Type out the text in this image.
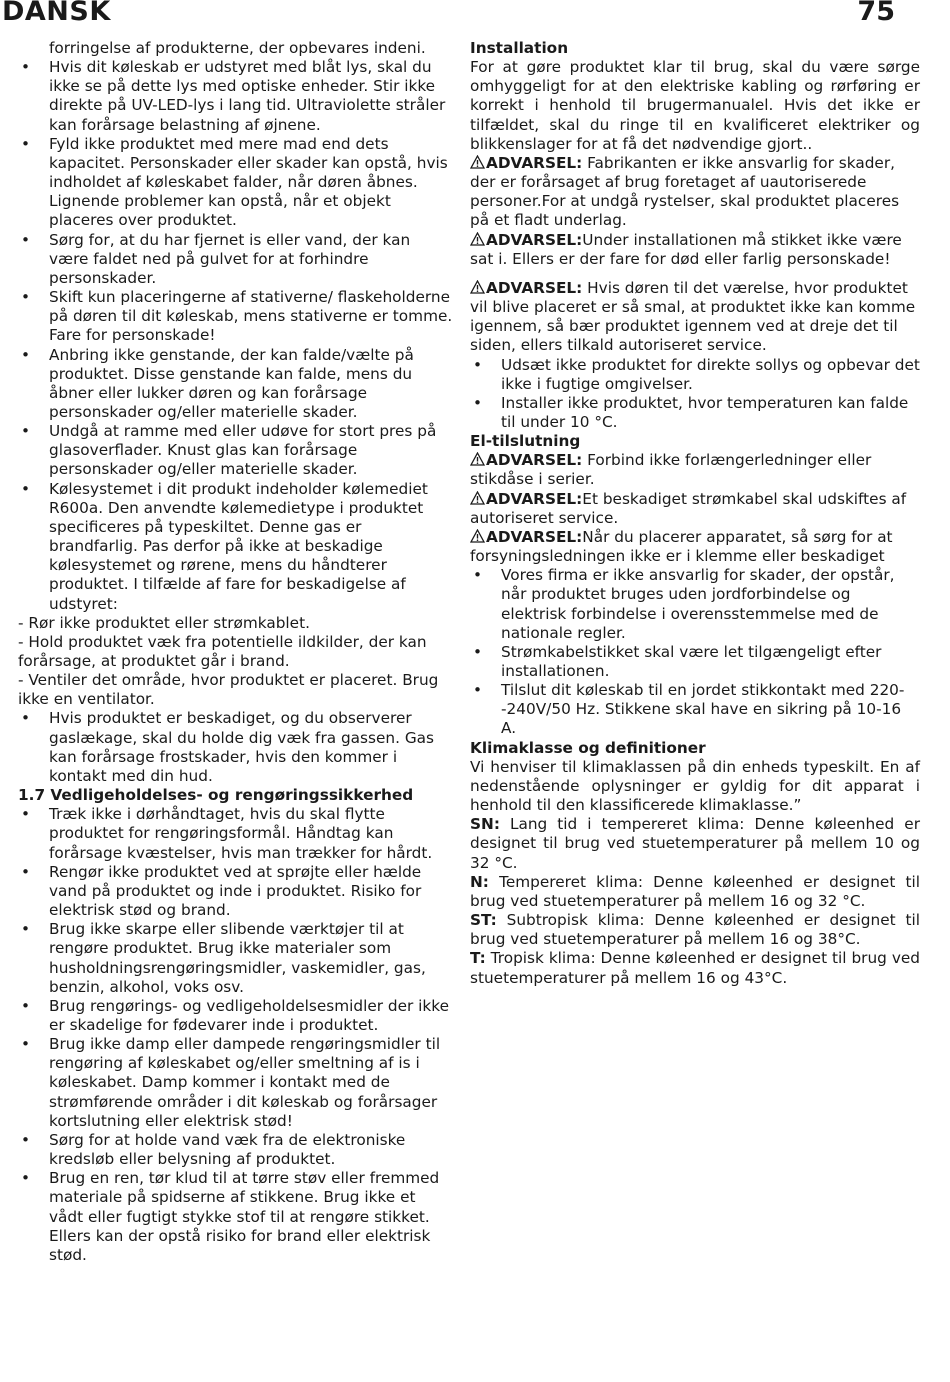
DANSK	75

forringelse af produkterne, der opbevares indeni.

• Hvis dit køleskab er udstyret med blåt lys, skal du ikke se på dette lys med optiske enheder. Stir ikke direkte på UV-LED-lys i lang tid. Ultraviolette stråler kan forårsage belastning af øjnene.

• Fyld ikke produktet med mere mad end dets kapacitet. Personskader eller skader kan opstå, hvis indholdet af køleskabet falder, når døren åbnes. Lignende problemer kan opstå, når et objekt placeres over produktet.

• Sørg for, at du har fjernet is eller vand, der kan være faldet ned på gulvet for at forhindre personskader.

• Skift kun placeringerne af stativerne/ flaskeholderne på døren til dit køleskab, mens stativerne er tomme. Fare for personskade!

• Anbring ikke genstande, der kan falde/vælte på produktet. Disse genstande kan falde, mens du åbner eller lukker døren og kan forårsage personskader og/eller materielle skader.

• Undgå at ramme med eller udøve for stort pres på glasoverflader. Knust glas kan forårsage personskader og/eller materielle skader.

• Kølesystemet i dit produkt indeholder kølemediet R600a. Den anvendte kølemedietype i produktet specificeres på typeskiltet. Denne gas er brandfarlig. Pas derfor på ikke at beskadige kølesystemet og rørene, mens du håndterer produktet. I tilfælde af fare for beskadigelse af udstyret:

- Rør ikke produktet eller strømkablet.

- Hold produktet væk fra potentielle ildkilder, der kan forårsage, at produktet går i brand.

- Ventiler det område, hvor produktet er placeret. Brug ikke en ventilator.

• Hvis produktet er beskadiget, og du observerer gaslækage, skal du holde dig væk fra gassen. Gas kan forårsage frostskader, hvis den kommer i kontakt med din hud.

1.7 Vedligeholdelses- og rengøringssikkerhed

• Træk ikke i dørhåndtaget, hvis du skal flytte produktet for rengøringsformål. Håndtag kan forårsage kvæstelser, hvis man trækker for hårdt.

• Rengør ikke produktet ved at sprøjte eller hælde vand på produktet og inde i produktet. Risiko for elektrisk stød og brand.

• Brug ikke skarpe eller slibende værktøjer til at rengøre produktet. Brug ikke materialer som husholdningsrengøringsmidler, vaskemidler, gas, benzin, alkohol, voks osv.

• Brug rengørings- og vedligeholdelsesmidler der ikke er skadelige for fødevarer inde i produktet.

• Brug ikke damp eller dampede rengøringsmidler til rengøring af køleskabet og/eller smeltning af is i køleskabet. Damp kommer i kontakt med de strømførende områder i dit køleskab og forårsager kortslutning eller elektrisk stød!

• Sørg for at holde vand væk fra de elektroniske kredsløb eller belysning af produktet.

• Brug en ren, tør klud til at tørre støv eller fremmed materiale på spidserne af stikkene. Brug ikke et vådt eller fugtigt stykke stof til at rengøre stikket. Ellers kan der opstå risiko for brand eller elektrisk stød.

Installation

For at gøre produktet klar til brug, skal du være sørge omhyggeligt for at den elektriske kabling og rørføring er korrekt i henhold til brugermanualel. Hvis det ikke er tilfældet, skal du ringe til en kvalificeret elektriker og blikkenslager for at få det nødvendige gjort..

ADVARSEL: Fabrikanten er ikke ansvarlig for skader, der er forårsaget af brug foretaget af uautoriserede personer.For at undgå rystelser, skal produktet placeres på et fladt underlag.

ADVARSEL:Under installationen må stikket ikke være sat i. Ellers er der fare for død eller farlig personskade!

ADVARSEL: Hvis døren til det værelse, hvor produktet vil blive placeret er så smal, at produktet ikke kan komme igennem, så bær produktet igennem ved at dreje det til siden, ellers tilkald autoriseret service.

• Udsæt ikke produktet for direkte sollys og opbevar det ikke i fugtige omgivelser.

• Installer ikke produktet, hvor temperaturen kan falde til under 10 °C.

El-tilslutning

ADVARSEL: Forbind ikke forlængerledninger eller stikdåse i serier.

ADVARSEL:Et beskadiget strømkabel skal udskiftes af autoriseret service.

ADVARSEL:Når du placerer apparatet, så sørg for at forsyningsledningen ikke er i klemme eller beskadiget

• Vores firma er ikke ansvarlig for skader, der opstår, når produktet bruges uden jordforbindelse og elektrisk forbindelse i overensstemmelse med de nationale regler.

• Strømkabelstikket skal være let tilgængeligt efter installationen.

• Tilslut dit køleskab til en jordet stikkontakt med 220- -240V/50 Hz. Stikkene skal have en sikring på 10-16 A.

Klimaklasse og definitioner

Vi henviser til klimaklassen på din enheds typeskilt. En af nedenstående oplysninger er gyldig for dit apparat i henhold til den klassificerede klimaklasse.”

SN: Lang tid i tempereret klima: Denne køleenhed er designet til brug ved stuetemperaturer på mellem 10 og 32 °C.

N: Tempereret klima: Denne køleenhed er designet til brug ved stuetemperaturer på mellem 16 og 32 °C.

ST: Subtropisk klima: Denne køleenhed er designet til brug ved stuetemperaturer på mellem 16 og 38°C.

T: Tropisk klima: Denne køleenhed er designet til brug ved stuetemperaturer på mellem 16 og 43°C.
